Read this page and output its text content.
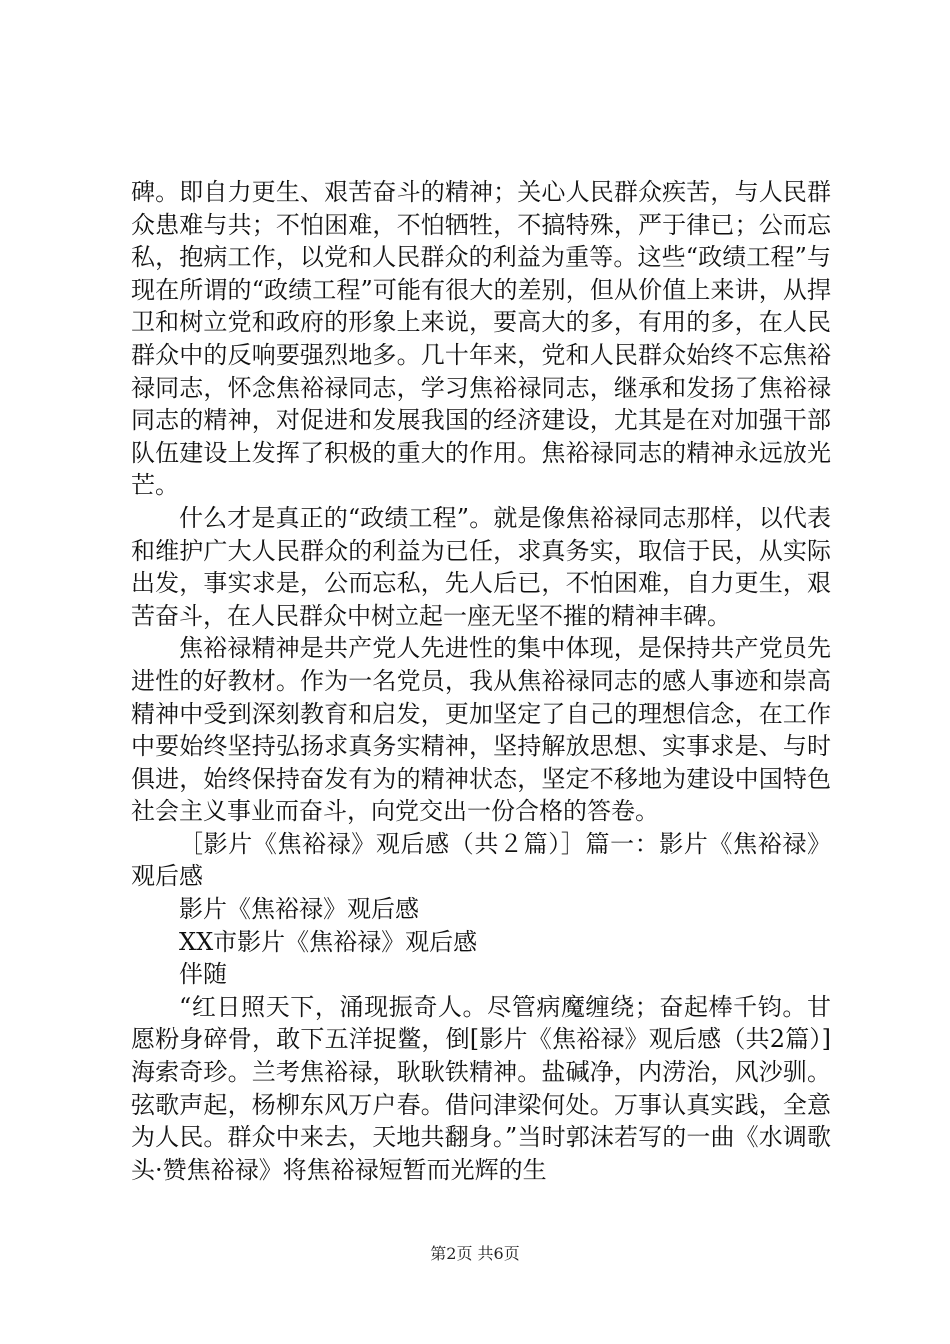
碑。即自力更生、艰苦奋斗的精神；关心人民群众疾苦，与人民群众患难与共；不怕困难，不怕牺牲，不搞特殊，严于律已；公而忘私，抱病工作，以党和人民群众的利益为重等。这些“政绩工程”与现在所谓的“政绩工程”可能有很大的差别，但从价值上来讲，从捍卫和树立党和政府的形象上来说，要高大的多，有用的多，在人民群众中的反响要强烈地多。几十年来，党和人民群众始终不忘焦裕禄同志，怀念焦裕禄同志，学习焦裕禄同志，继承和发扬了焦裕禄同志的精神，对促进和发展我国的经济建设，尤其是在对加强干部队伍建设上发挥了积极的重大的作用。焦裕禄同志的精神永远放光芒。

什么才是真正的“政绩工程”。就是像焦裕禄同志那样，以代表和维护广大人民群众的利益为已任，求真务实，取信于民，从实际出发，事实求是，公而忘私，先人后已，不怕困难，自力更生，艰苦奋斗，在人民群众中树立起一座无坚不摧的精神丰碑。

焦裕禄精神是共产党人先进性的集中体现，是保持共产党员先进性的好教材。作为一名党员，我从焦裕禄同志的感人事迹和崇高精神中受到深刻教育和启发，更加坚定了自己的理想信念，在工作中要始终坚持弘扬求真务实精神，坚持解放思想、实事求是、与时俱进，始终保持奋发有为的精神状态，坚定不移地为建设中国特色社会主义事业而奋斗，向党交出一份合格的答卷。

［影片《焦裕禄》观后感（共２篇）］篇一：影片《焦裕禄》观后感

影片《焦裕禄》观后感

XX市影片《焦裕禄》观后感

伴随

“红日照天下，涌现振奇人。尽管病魔缠绕；奋起棒千钧。甘愿粉身碎骨，敢下五洋捉鳖，倒[影片《焦裕禄》观后感（共2篇）]海索奇珍。兰考焦裕禄，耿耿铁精神。盐碱净，内涝治，风沙驯。弦歌声起，杨柳东风万户春。借问津梁何处。万事认真实践，全意为人民。群众中来去，天地共翻身。”当时郭沫若写的一曲《水调歌头·赞焦裕禄》将焦裕禄短暂而光辉的生

第2页 共6页
